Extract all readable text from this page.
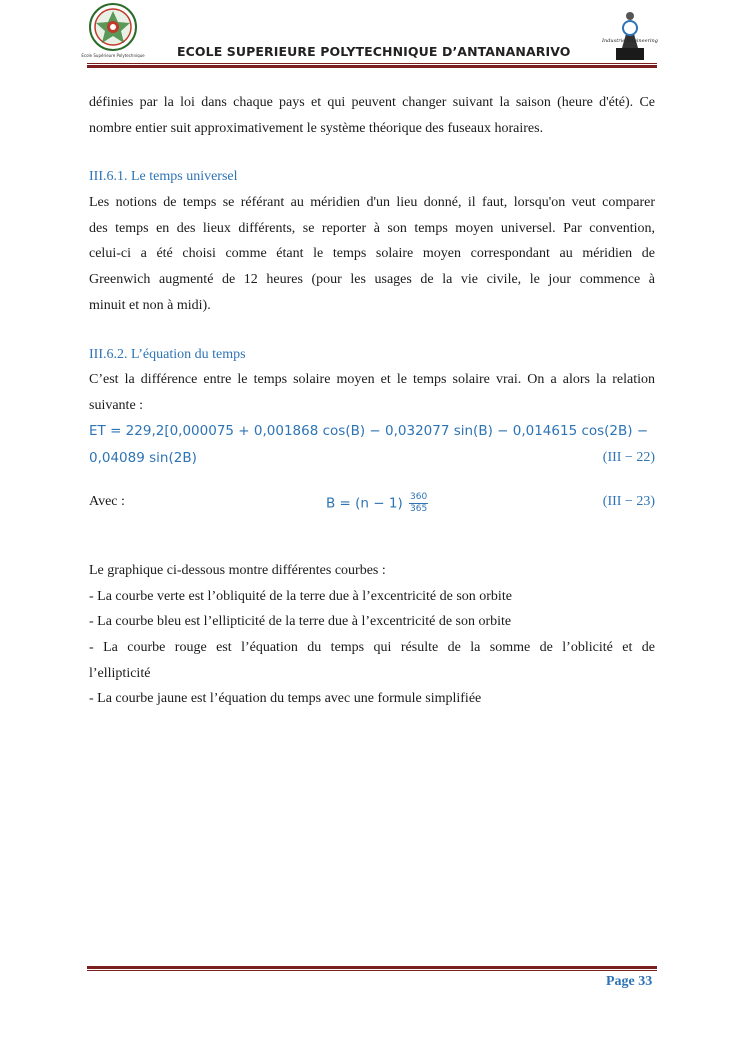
Ecole Supérieure Polytechnique	ECOLE SUPERIEURE POLYTECHNIQUE D’ANTANANARIVO
Industrie Engineering
définies par la loi dans chaque pays et qui peuvent changer suivant la saison (heure d'été). Ce
nombre entier suit approximativement le système théorique des fuseaux horaires.
III.6.1. Le temps universel
Les notions de temps se référant au méridien d'un lieu donné, il faut, lorsqu'on veut comparer
des temps en des lieux différents, se reporter à son temps moyen universel. Par convention,
celui-ci a été choisi comme étant le temps solaire moyen correspondant au méridien de
Greenwich augmenté de 12 heures (pour les usages de la vie civile, le jour commence à
minuit et non à midi).
III.6.2. L’équation du temps
C’est la différence entre le temps solaire moyen et le temps solaire vrai. On a alors la relation
suivante :
ET = 229,2[0,000075 + 0,001868 cos(B) − 0,032077 sin(B) − 0,014615 cos(2B) −
0,04089 sin(2B)	(III − 22)
Avec :	$B = (n - 1) \frac{360}{365}$	(III − 23)
Le graphique ci-dessous montre différentes courbes :
- La courbe verte est l’obliquité de la terre due à l’excentricité de son orbite
- La courbe bleu est l’ellipticité de la terre due à l’excentricité de son orbite
- La courbe rouge est l’équation du temps qui résulte de la somme de l’oblicité et de
l’ellipticité
- La courbe jaune est l’équation du temps avec une formule simplifiée
Page 33
